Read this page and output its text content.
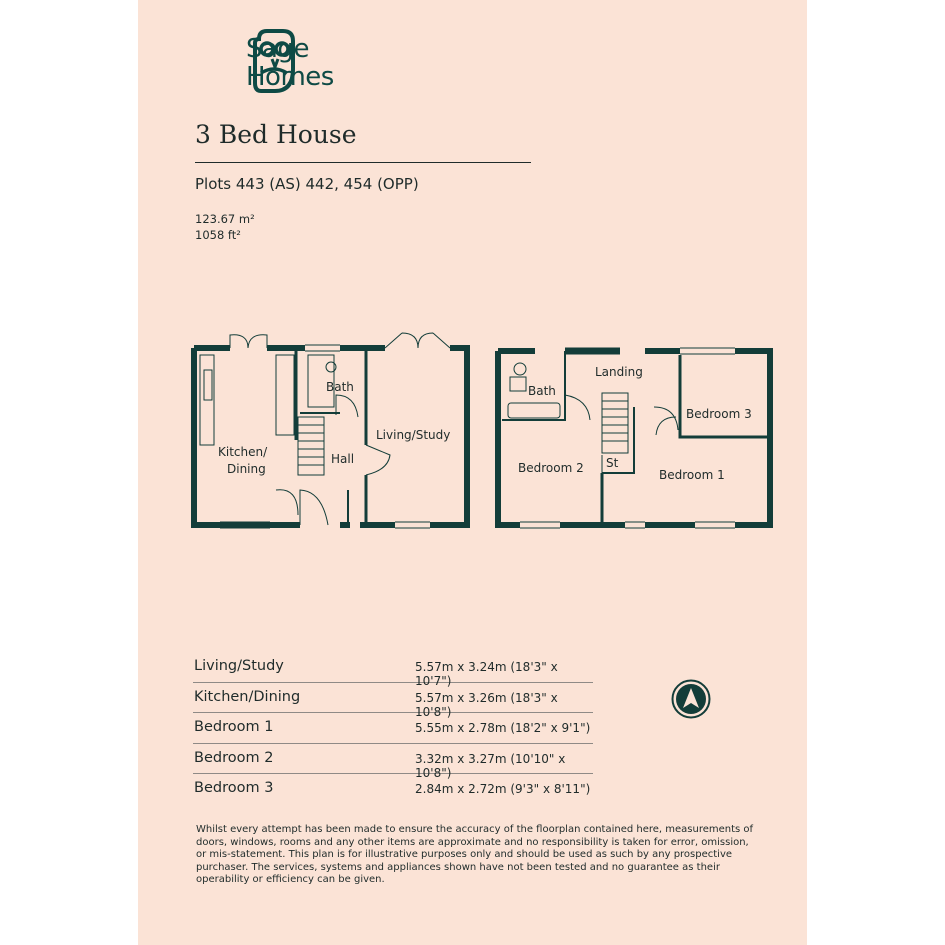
Sage
Homes
3 Bed House
Plots 443 (AS) 442, 454 (OPP)
123.67 m²
1058 ft²
Kitchen/
Dining
Bath
Hall
Living/Study
Bath
Landing
Bedroom 3
Bedroom 2 St
Bedroom 1
Living/Study	5.57m x 3.24m (18'3" x 10'7")
Kitchen/Dining	5.57m x 3.26m (18'3" x 10'8")
Bedroom 1	5.55m x 2.78m (18'2" x 9'1")
Bedroom 2	3.32m x 3.27m (10'10" x 10'8")
Bedroom 3	2.84m x 2.72m (9'3" x 8'11")
Whilst every attempt has been made to ensure the accuracy of the floorplan contained here, measurements of doors, windows, rooms and any other items are approximate and no responsibility is taken for error, omission, or mis-statement. This plan is for illustrative purposes only and should be used as such by any prospective purchaser. The services, systems and appliances shown have not been tested and no guarantee as their operability or efficiency can be given.
